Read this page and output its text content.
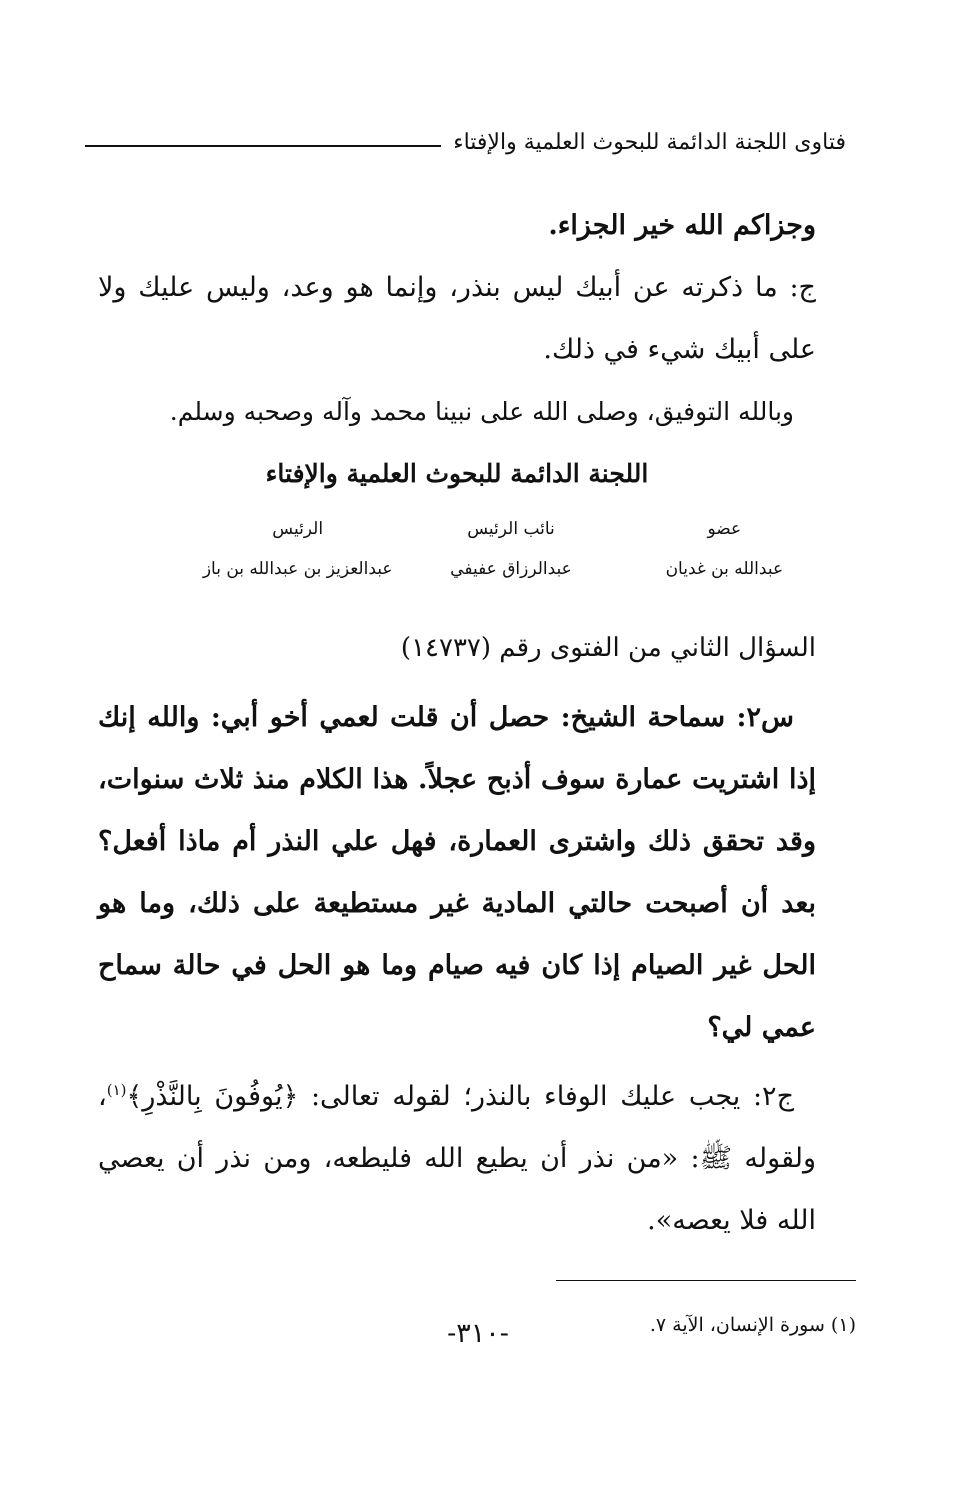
فتاوى اللجنة الدائمة للبحوث العلمية والإفتاء

وجزاكم الله خير الجزاء.

ج: ما ذكرته عن أبيك ليس بنذر، وإنما هو وعد، وليس عليك ولا على أبيك شيء في ذلك.

وبالله التوفيق، وصلى الله على نبينا محمد وآله وصحبه وسلم.

اللجنة الدائمة للبحوث العلمية والإفتاء

عضو
نائب الرئيس
الرئيس
عبدالله بن غديان
عبدالرزاق عفيفي
عبدالعزيز بن عبدالله بن باز

السؤال الثاني من الفتوى رقم (١٤٧٣٧)

س٢: سماحة الشيخ: حصل أن قلت لعمي أخو أبي: والله إنك إذا اشتريت عمارة سوف أذبح عجلاً. هذا الكلام منذ ثلاث سنوات، وقد تحقق ذلك واشترى العمارة، فهل علي النذر أم ماذا أفعل؟ بعد أن أصبحت حالتي المادية غير مستطيعة على ذلك، وما هو الحل غير الصيام إذا كان فيه صيام وما هو الحل في حالة سماح عمي لي؟

ج٢: يجب عليك الوفاء بالنذر؛ لقوله تعالى: ﴿يُوفُونَ بِالنَّذْرِ﴾$^{(١)}$، ولقوله ﷺ: «من نذر أن يطيع الله فليطعه، ومن نذر أن يعصي الله فلا يعصه».

(١) سورة الإنسان، الآية ٧.

-٣١٠-
